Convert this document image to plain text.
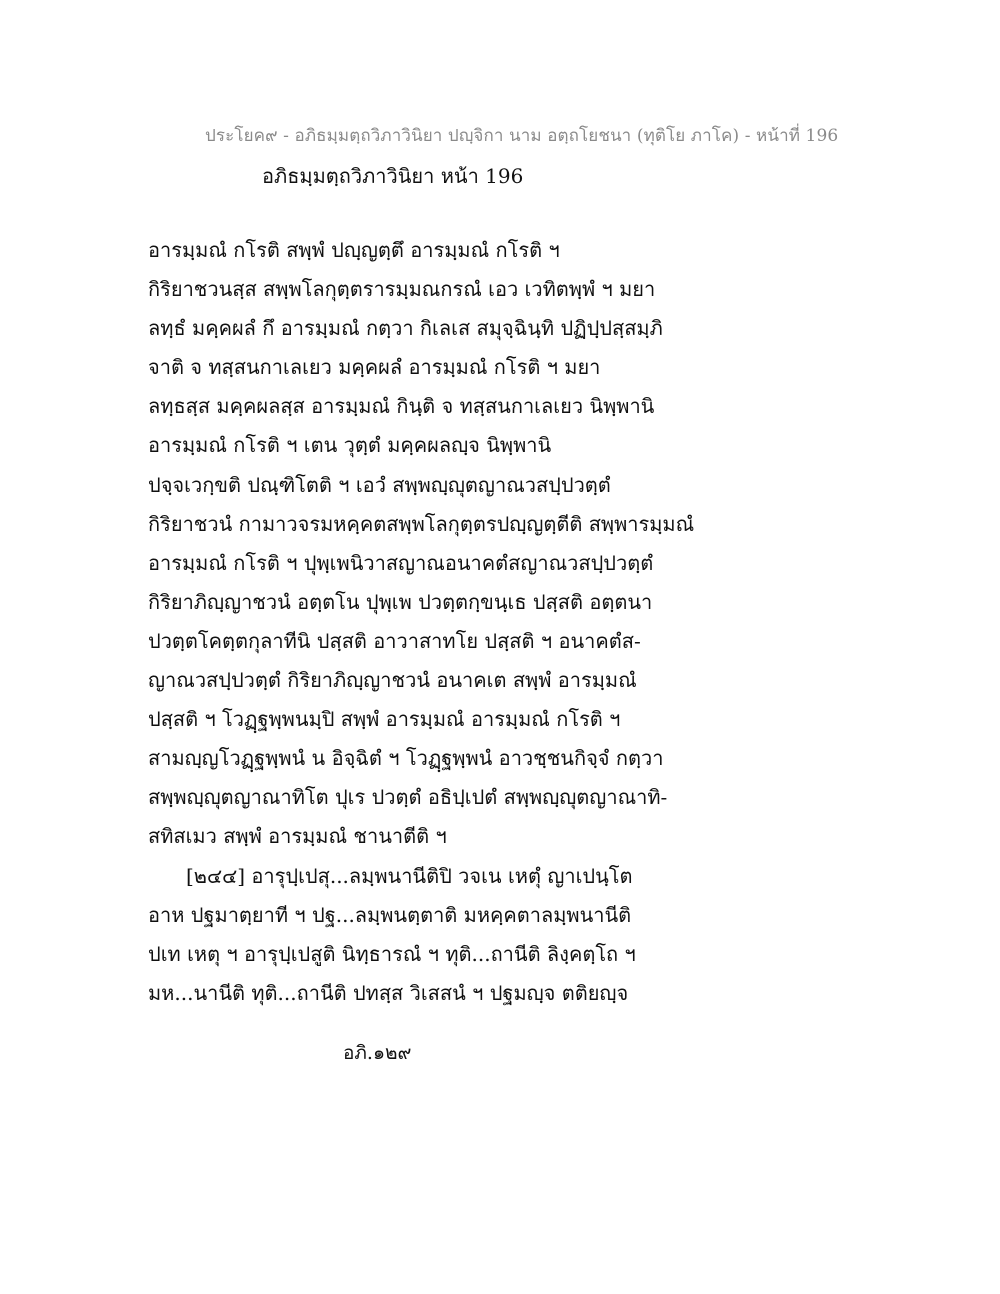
ประโยค๙ - อภิธมฺมตฺถวิภาวินิยา ปญฺจิกา นาม อตฺถโยชนา (ทุติโย ภาโค) - หน้าที่ 196
อภิธมฺมตฺถวิภาวินิยา หน้า 196
อารมฺมณํ กโรติ สพฺพํ ปญฺญตฺตึ อารมฺมณํ กโรติ ฯ
กิริยาชวนสฺส สพฺพโลกุตฺตรารมฺมณกรณํ เอว เวทิตพฺพํ ฯ มยา
ลทฺธํ มคฺคผลํ กึ อารมฺมณํ กตฺวา กิเลเส สมุจฺฉินฺทิ ปฏิปฺปสฺสมฺภิ
จาติ จ ทสฺสนกาเลเยว มคฺคผลํ อารมฺมณํ กโรติ ฯ มยา
ลทฺธสฺส มคฺคผลสฺส อารมฺมณํ กินฺติ จ ทสฺสนกาเลเยว นิพฺพานิ
อารมฺมณํ กโรติ ฯ เตน วุตฺตํ มคฺคผลญฺจ นิพฺพานิ
ปจฺจเวกฺขติ ปณฺฑิโตติ ฯ เอวํ สพฺพญฺญุตญาณวสปฺปวตฺตํ
กิริยาชวนํ กามาวจรมหคฺคตสพฺพโลกุตฺตรปญฺญตฺตีติ สพฺพารมฺมณํ
อารมฺมณํ กโรติ ฯ ปุพฺเพนิวาสญาณอนาคตํสญาณวสปฺปวตฺตํ
กิริยาภิญฺญาชวนํ อตฺตโน ปุพฺเพ ปวตฺตกฺขนฺเธ ปสฺสติ อตฺตนา
ปวตฺตโคตฺตกุลาทีนิ ปสฺสติ อาวาสาทโย ปสฺสติ ฯ อนาคตํส-
ญาณวสปฺปวตฺตํ กิริยาภิญฺญาชวนํ อนาคเต สพฺพํ อารมฺมณํ
ปสฺสติ ฯ โวฏฺฐพฺพนมฺปิ สพฺพํ อารมฺมณํ อารมฺมณํ กโรติ ฯ
สามญฺญโวฏฺฐพฺพนํ น อิจฺฉิตํ ฯ โวฏฺฐพฺพนํ อาวชฺชนกิจฺจํ กตฺวา
สพฺพญฺญุตญาณาทิโต ปุเร ปวตฺตํ อธิปฺเปตํ สพฺพญฺญุตญาณาทิ-
สทิสเมว สพฺพํ อารมฺมณํ ชานาตีติ ฯ
[๒๔๔] อารุปฺเปสุ...ลมฺพนานีติปิ วจเน เหตุํ ญาเปนฺโต
อาห ปฐมาตฺยาที ฯ ปฐ...ลมฺพนตฺตาติ มหคฺคตาลมฺพนานีติ
ปเท เหตุ ฯ อารุปฺเปสูติ นิทฺธารณํ ฯ ทุติ...ถานีติ ลิงฺคตฺโถ ฯ
มห...นานีติ ทุติ...ถานีติ ปทสฺส วิเสสนํ ฯ ปฐมญฺจ ตติยญฺจ
อภิ.๑๒๙
